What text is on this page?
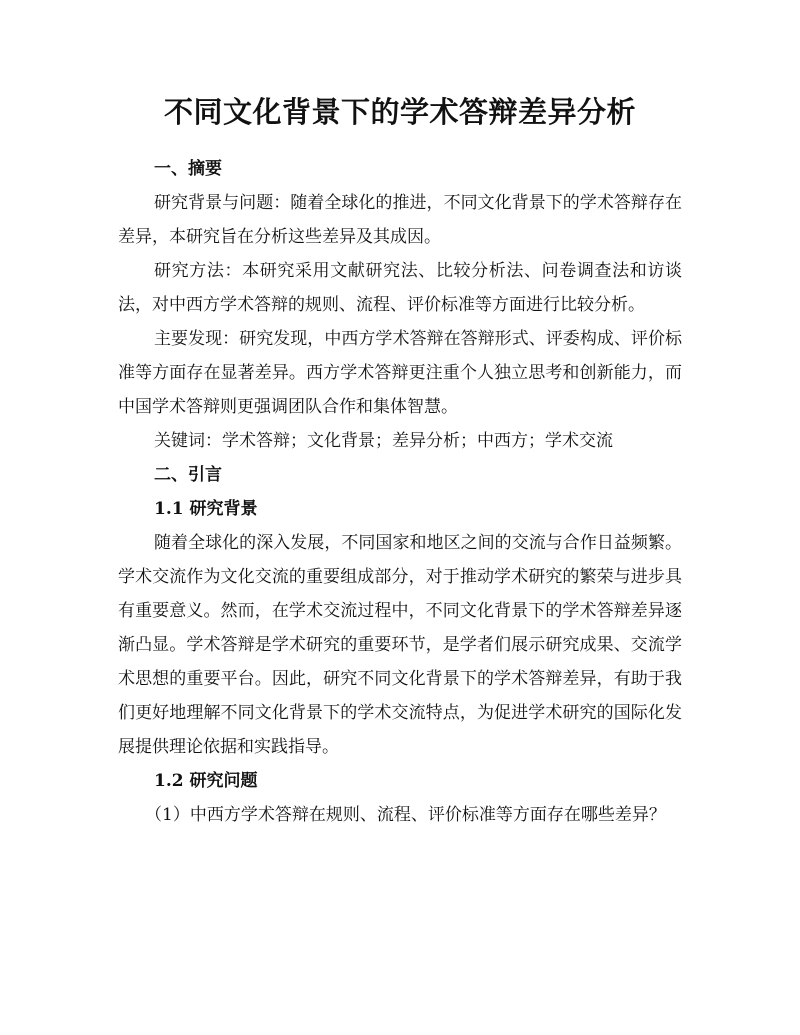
不同文化背景下的学术答辩差异分析
一、摘要

研究背景与问题：随着全球化的推进，不同文化背景下的学术答辩存在差异，本研究旨在分析这些差异及其成因。

研究方法：本研究采用文献研究法、比较分析法、问卷调查法和访谈法，对中西方学术答辩的规则、流程、评价标准等方面进行比较分析。

主要发现：研究发现，中西方学术答辩在答辩形式、评委构成、评价标准等方面存在显著差异。西方学术答辩更注重个人独立思考和创新能力，而中国学术答辩则更强调团队合作和集体智慧。

关键词：学术答辩；文化背景；差异分析；中西方；学术交流

二、引言
1.1 研究背景

随着全球化的深入发展，不同国家和地区之间的交流与合作日益频繁。学术交流作为文化交流的重要组成部分，对于推动学术研究的繁荣与进步具有重要意义。然而，在学术交流过程中，不同文化背景下的学术答辩差异逐渐凸显。学术答辩是学术研究的重要环节，是学者们展示研究成果、交流学术思想的重要平台。因此，研究不同文化背景下的学术答辩差异，有助于我们更好地理解不同文化背景下的学术交流特点，为促进学术研究的国际化发展提供理论依据和实践指导。

1.2 研究问题

（1）中西方学术答辩在规则、流程、评价标准等方面存在哪些差异？
